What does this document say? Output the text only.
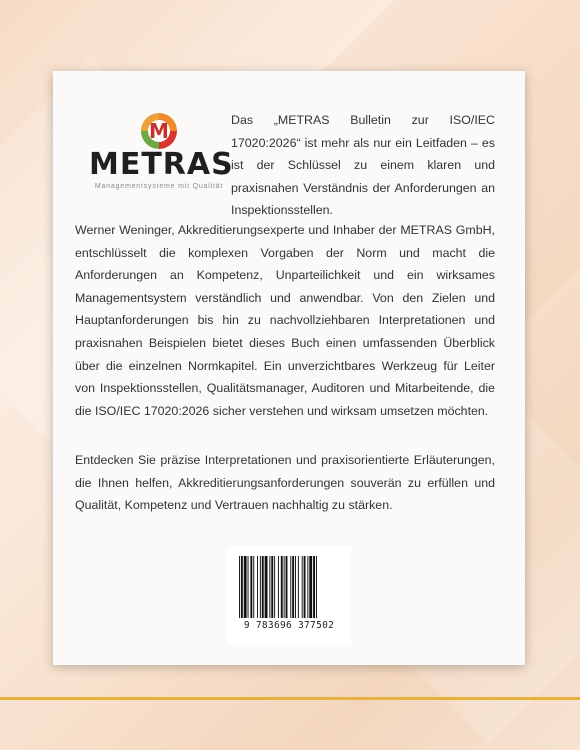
M
METRAS
Managementsysteme mit Qualität
Das „METRAS Bulletin zur ISO/IEC 17020:2026“ ist mehr als nur ein Leitfaden – es ist der Schlüssel zu einem klaren und praxisnahen Verständnis der Anforderungen an Inspektionsstellen.
Werner Weninger, Akkreditierungsexperte und Inhaber der METRAS GmbH, entschlüsselt die komplexen Vorgaben der Norm und macht die Anforderungen an Kompetenz, Unparteilichkeit und ein wirksames Managementsystem verständlich und anwendbar. Von den Zielen und Hauptanforderungen bis hin zu nachvollziehbaren Interpretationen und praxisnahen Beispielen bietet dieses Buch einen umfassenden Überblick über die einzelnen Normkapitel. Ein unverzichtbares Werkzeug für Leiter von Inspektionsstellen, Qualitätsmanager, Auditoren und Mitarbeitende, die die ISO/IEC 17020:2026 sicher verstehen und wirksam umsetzen möchten.
Entdecken Sie präzise Interpretationen und praxisorientierte Erläuterungen, die Ihnen helfen, Akkreditierungsanforderungen souverän zu erfüllen und Qualität, Kompetenz und Vertrauen nachhaltig zu stärken.
9 783696 377502
